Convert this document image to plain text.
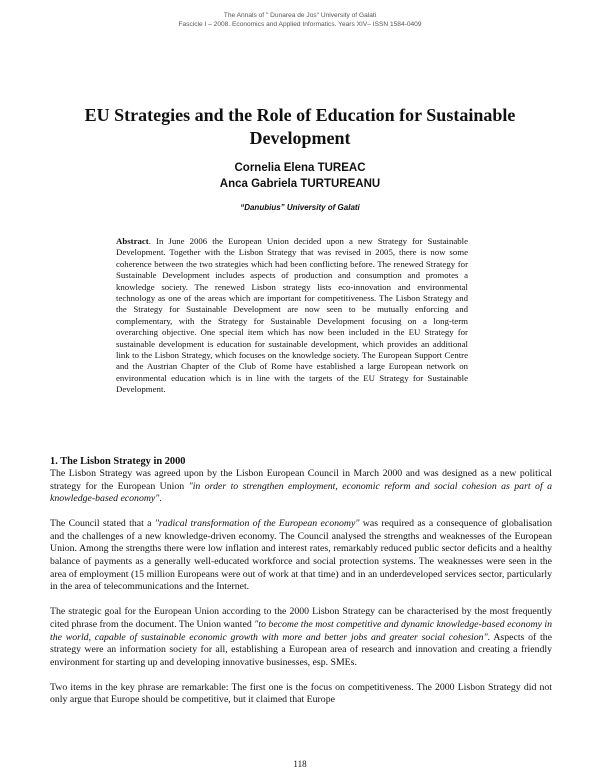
The Annals of " Dunarea de Jos" University of Galati
Fascicle I – 2008. Economics and Applied Informatics. Years XIV– ISSN 1584-0409
EU Strategies and the Role of Education for Sustainable Development
Cornelia Elena TUREAC
Anca Gabriela TURTUREANU
“Danubius” University of Galati

Abstract. In June 2006 the European Union decided upon a new Strategy for Sustainable Development. Together with the Lisbon Strategy that was revised in 2005, there is now some coherence between the two strategies which had been conflicting before. The renewed Strategy for Sustainable Development includes aspects of production and consumption and promotes a knowledge society. The renewed Lisbon strategy lists eco-innovation and environmental technology as one of the areas which are important for competitiveness. The Lisbon Strategy and the Strategy for Sustainable Development are now seen to be mutually enforcing and complementary, with the Strategy for Sustainable Development focusing on a long-term overarching objective. One special item which has now been included in the EU Strategy for sustainable development is education for sustainable development, which provides an additional link to the Lisbon Strategy, which focuses on the knowledge society. The European Support Centre and the Austrian Chapter of the Club of Rome have established a large European network on environmental education which is in line with the targets of the EU Strategy for Sustainable Development.

1. The Lisbon Strategy in 2000

The Lisbon Strategy was agreed upon by the Lisbon European Council in March 2000 and was designed as a new political strategy for the European Union "in order to strengthen employment, economic reform and social cohesion as part of a knowledge-based economy".

The Council stated that a "radical transformation of the European economy" was required as a consequence of globalisation and the challenges of a new knowledge-driven economy. The Council analysed the strengths and weaknesses of the European Union. Among the strengths there were low inflation and interest rates, remarkably reduced public sector deficits and a healthy balance of payments as a generally well-educated workforce and social protection systems. The weaknesses were seen in the area of employment (15 million Europeans were out of work at that time) and in an underdeveloped services sector, particularly in the area of telecommunications and the Internet.

The strategic goal for the European Union according to the 2000 Lisbon Strategy can be characterised by the most frequently cited phrase from the document. The Union wanted "to become the most competitive and dynamic knowledge-based economy in the world, capable of sustainable economic growth with more and better jobs and greater social cohesion". Aspects of the strategy were an information society for all, establishing a European area of research and innovation and creating a friendly environment for starting up and developing innovative businesses, esp. SMEs.

Two items in the key phrase are remarkable: The first one is the focus on competitiveness. The 2000 Lisbon Strategy did not only argue that Europe should be competitive, but it claimed that Europe

118
